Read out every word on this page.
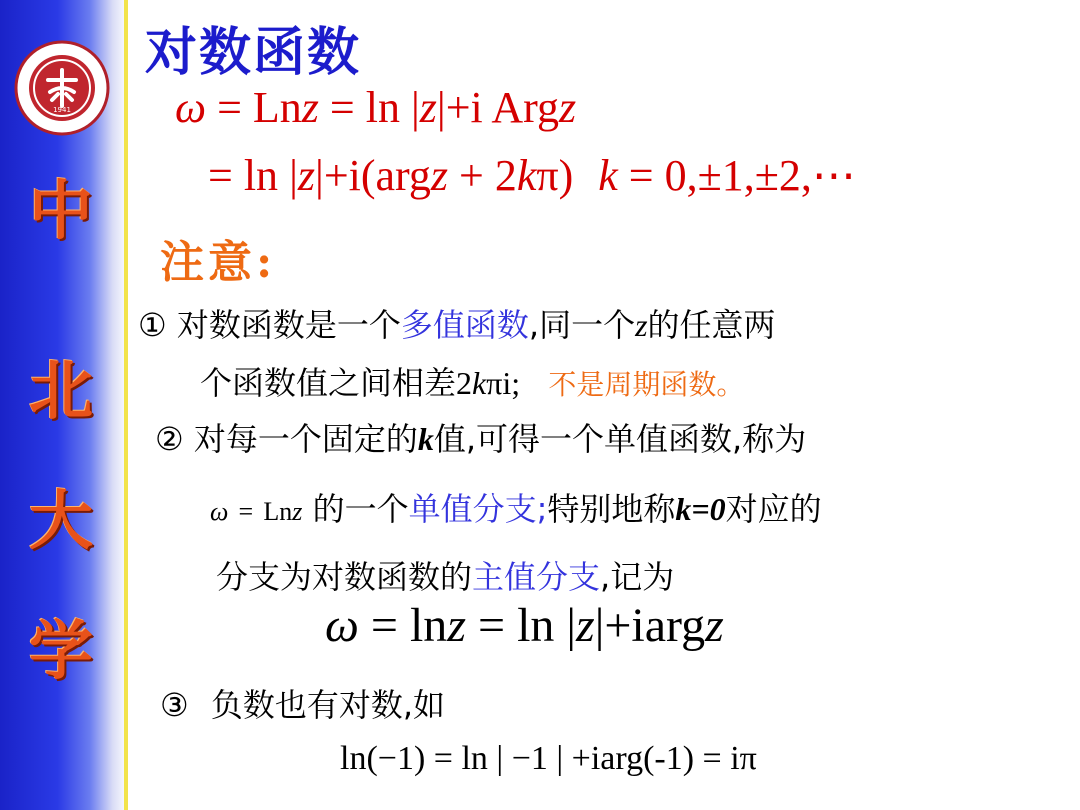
1941
中
北
大
学
对数函数
ω = Lnz = ln |z|+i Argz
= ln |z|+i(argz + 2kπ) k = 0,±1,±2,⋯
注意:
① 对数函数是一个多值函数,同一个z的任意两
个函数值之间相差2kπi; 不是周期函数。
② 对每一个固定的k值,可得一个单值函数,称为
ω = Lnz 的一个单值分支;特别地称k=0对应的
分支为对数函数的主值分支,记为
ω = lnz = ln |z|+iargz
③ 负数也有对数,如
ln(−1) = ln | −1 | +iarg(-1) = iπ
